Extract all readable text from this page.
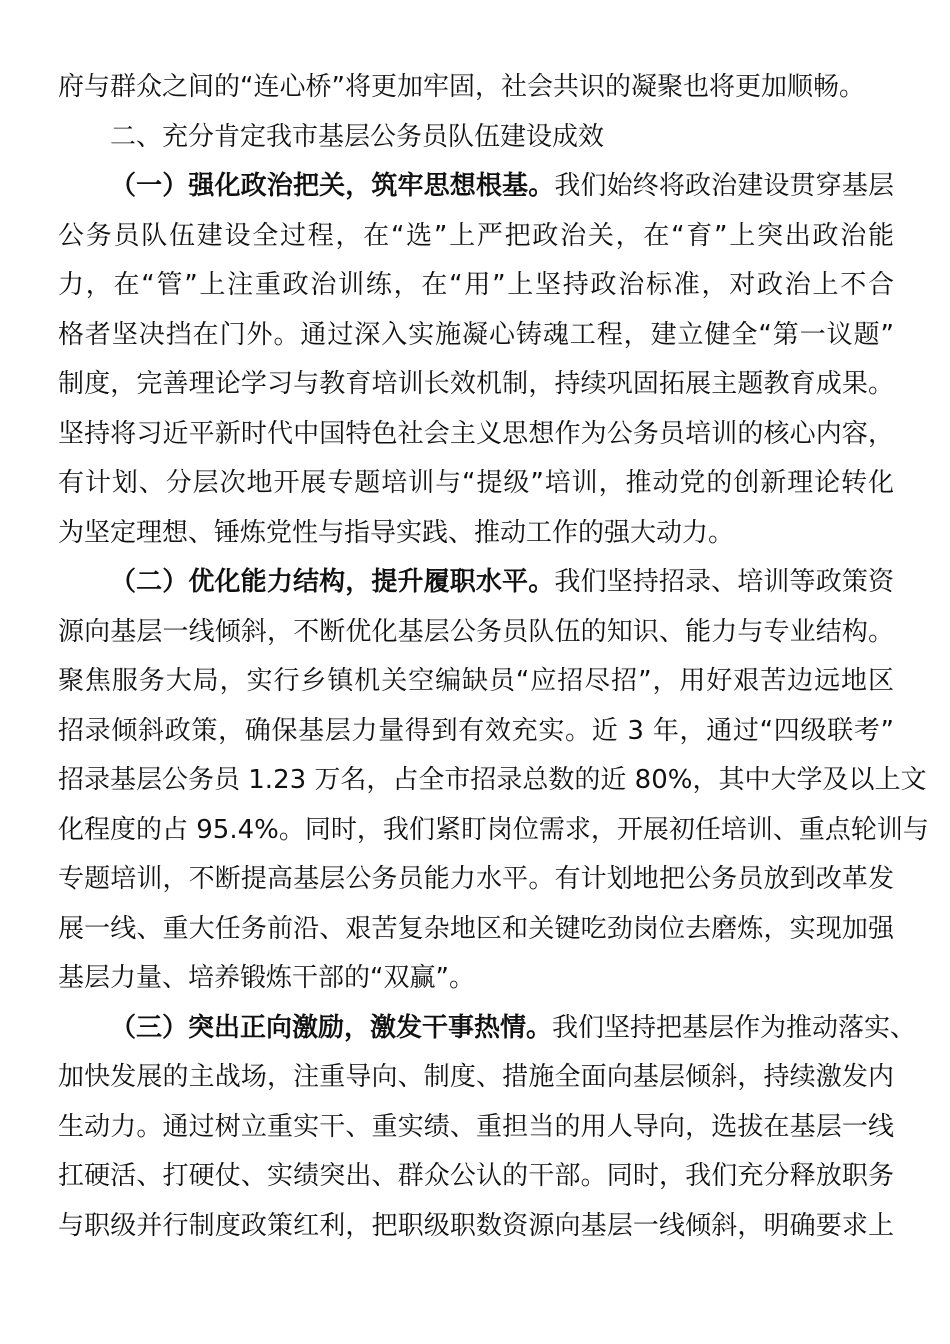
府与群众之间的“连心桥”将更加牢固，社会共识的凝聚也将更加顺畅。

二、充分肯定我市基层公务员队伍建设成效

（一）强化政治把关，筑牢思想根基。我们始终将政治建设贯穿基层

公务员队伍建设全过程，在“选”上严把政治关，在“育”上突出政治能

力，在“管”上注重政治训练，在“用”上坚持政治标准，对政治上不合

格者坚决挡在门外。通过深入实施凝心铸魂工程，建立健全“第一议题”

制度，完善理论学习与教育培训长效机制，持续巩固拓展主题教育成果。

坚持将习近平新时代中国特色社会主义思想作为公务员培训的核心内容，

有计划、分层次地开展专题培训与“提级”培训，推动党的创新理论转化

为坚定理想、锤炼党性与指导实践、推动工作的强大动力。

（二）优化能力结构，提升履职水平。我们坚持招录、培训等政策资

源向基层一线倾斜，不断优化基层公务员队伍的知识、能力与专业结构。

聚焦服务大局，实行乡镇机关空编缺员“应招尽招”，用好艰苦边远地区

招录倾斜政策，确保基层力量得到有效充实。近 3 年，通过“四级联考”

招录基层公务员 1.23 万名，占全市招录总数的近 80%，其中大学及以上文

化程度的占 95.4%。同时，我们紧盯岗位需求，开展初任培训、重点轮训与

专题培训，不断提高基层公务员能力水平。有计划地把公务员放到改革发

展一线、重大任务前沿、艰苦复杂地区和关键吃劲岗位去磨炼，实现加强

基层力量、培养锻炼干部的“双赢”。

（三）突出正向激励，激发干事热情。我们坚持把基层作为推动落实、

加快发展的主战场，注重导向、制度、措施全面向基层倾斜，持续激发内

生动力。通过树立重实干、重实绩、重担当的用人导向，选拔在基层一线

扛硬活、打硬仗、实绩突出、群众公认的干部。同时，我们充分释放职务

与职级并行制度政策红利，把职级职数资源向基层一线倾斜，明确要求上
